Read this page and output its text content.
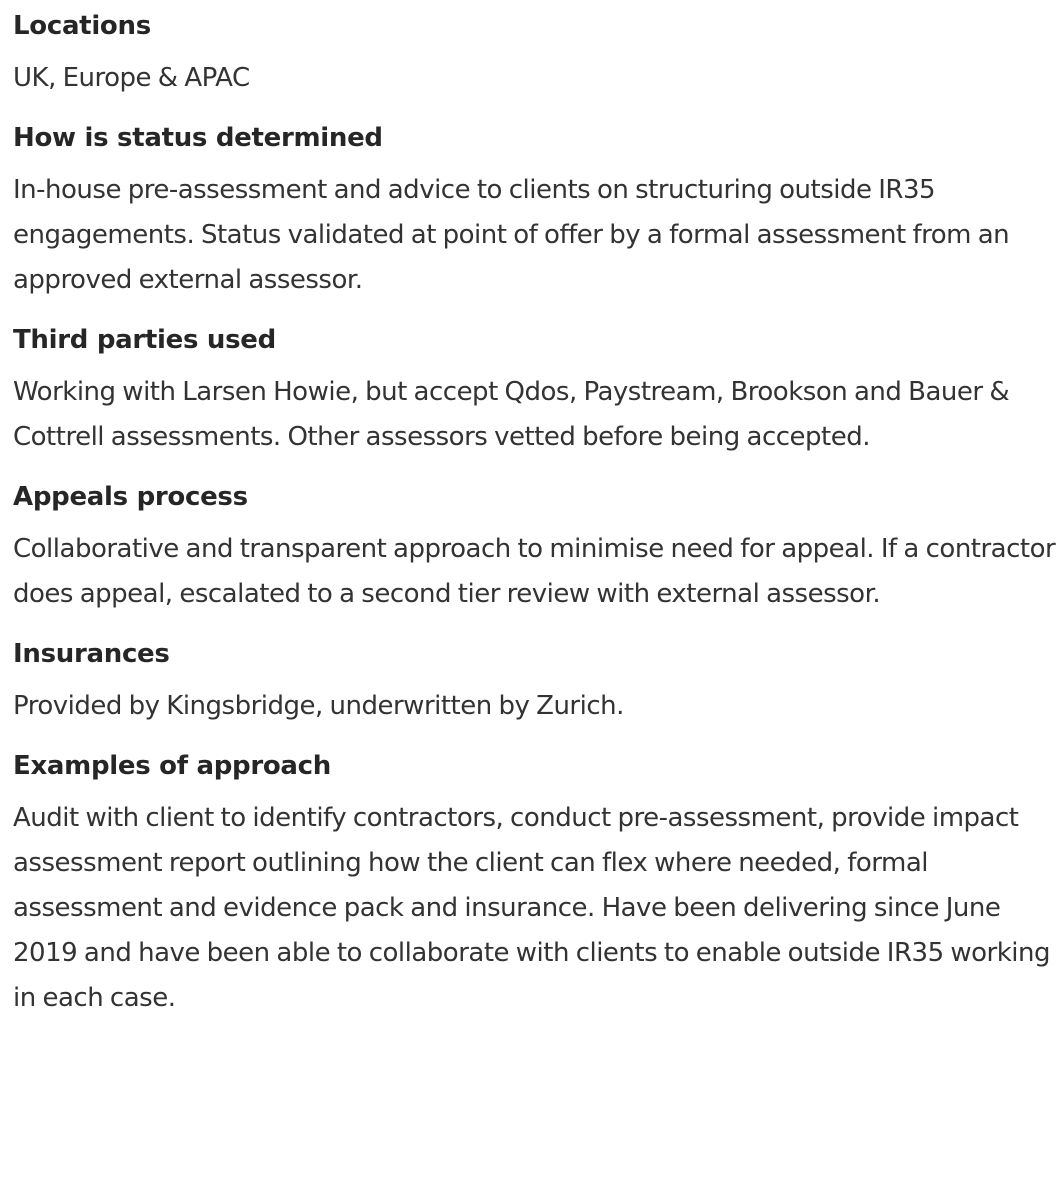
Locations

UK, Europe & APAC

How is status determined

In-house pre-assessment and advice to clients on structuring outside IR35 engagements. Status validated at point of offer by a formal assessment from an approved external assessor.

Third parties used

Working with Larsen Howie, but accept Qdos, Paystream, Brookson and Bauer & Cottrell assessments. Other assessors vetted before being accepted.

Appeals process

Collaborative and transparent approach to minimise need for appeal. If a contractor does appeal, escalated to a second tier review with external assessor.

Insurances

Provided by Kingsbridge, underwritten by Zurich.

Examples of approach

Audit with client to identify contractors, conduct pre-assessment, provide impact assessment report outlining how the client can flex where needed, formal assessment and evidence pack and insurance. Have been delivering since June 2019 and have been able to collaborate with clients to enable outside IR35 working in each case.
